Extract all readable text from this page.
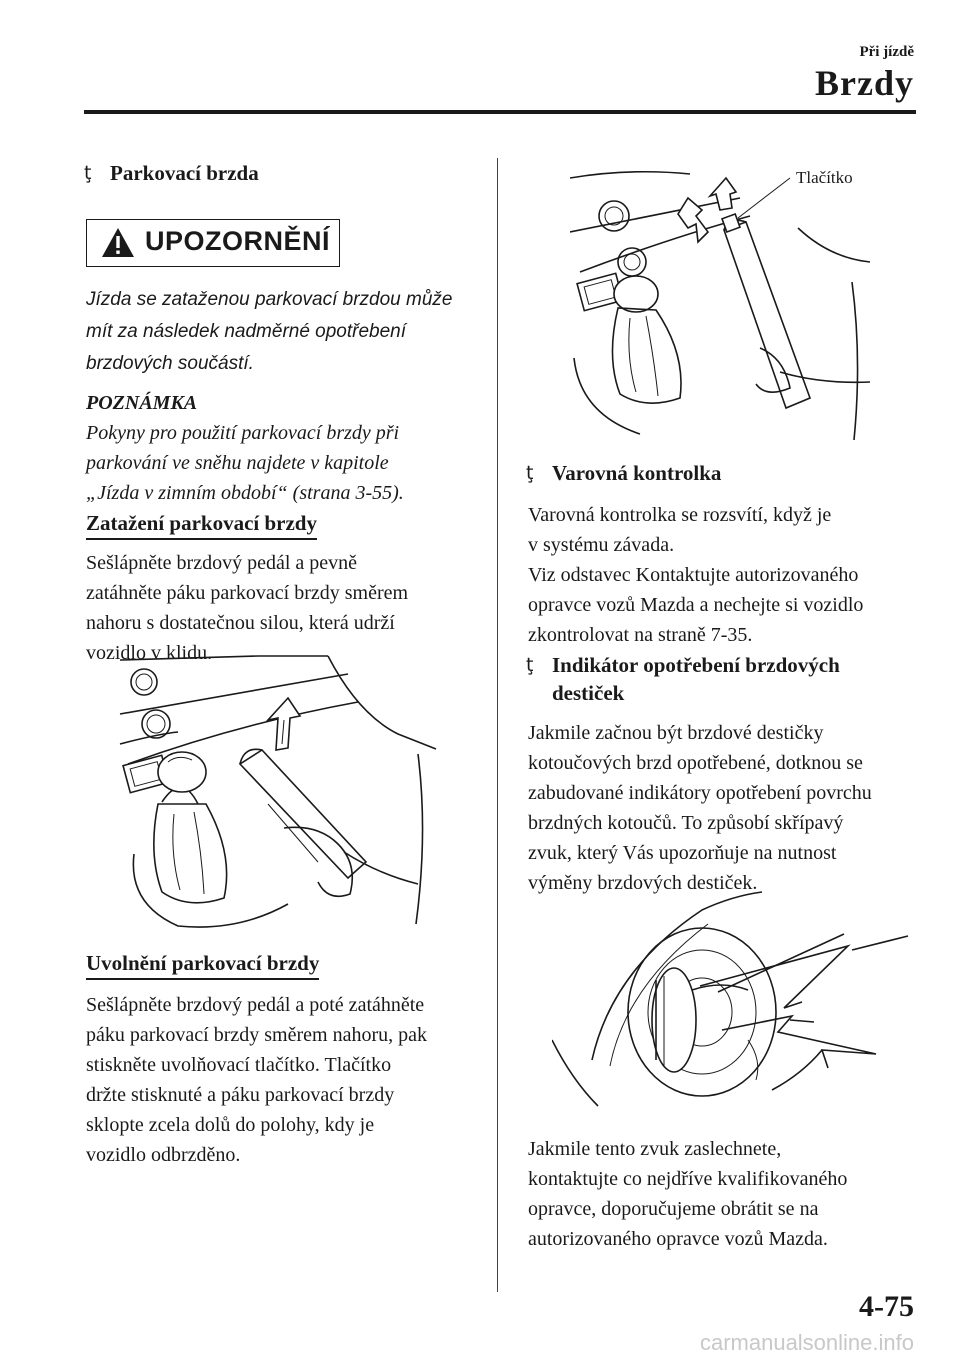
Při jízdě
Brzdy
ţ Parkovací brzda
UPOZORNĚNÍ
Jízda se zataženou parkovací brzdou může
mít za následek nadměrné opotřebení
brzdových součástí.
POZNÁMKA
Pokyny pro použití parkovací brzdy při
parkování ve sněhu najdete v kapitole
„Jízda v zimním období“ (strana 3-55).
Zatažení parkovací brzdy
Sešlápněte brzdový pedál a pevně
zatáhněte páku parkovací brzdy směrem
nahoru s dostatečnou silou, která udrží
vozidlo v klidu.
Uvolnění parkovací brzdy
Sešlápněte brzdový pedál a poté zatáhněte
páku parkovací brzdy směrem nahoru, pak
stiskněte uvolňovací tlačítko. Tlačítko
držte stisknuté a páku parkovací brzdy
sklopte zcela dolů do polohy, kdy je
vozidlo odbrzděno.
Tlačítko
ţ Varovná kontrolka
Varovná kontrolka se rozsvítí, když je
v systému závada.
Viz odstavec Kontaktujte autorizovaného
opravce vozů Mazda a nechejte si vozidlo
zkontrolovat na straně 7-35.
ţ Indikátor opotřebení brzdových
destiček
Jakmile začnou být brzdové destičky
kotoučových brzd opotřebené, dotknou se
zabudované indikátory opotřebení povrchu
brzdných kotoučů. To způsobí skřípavý
zvuk, který Vás upozorňuje na nutnost
výměny brzdových destiček.
Jakmile tento zvuk zaslechnete,
kontaktujte co nejdříve kvalifikovaného
opravce, doporučujeme obrátit se na
autorizovaného opravce vozů Mazda.
4-75
carmanualsonline.info
